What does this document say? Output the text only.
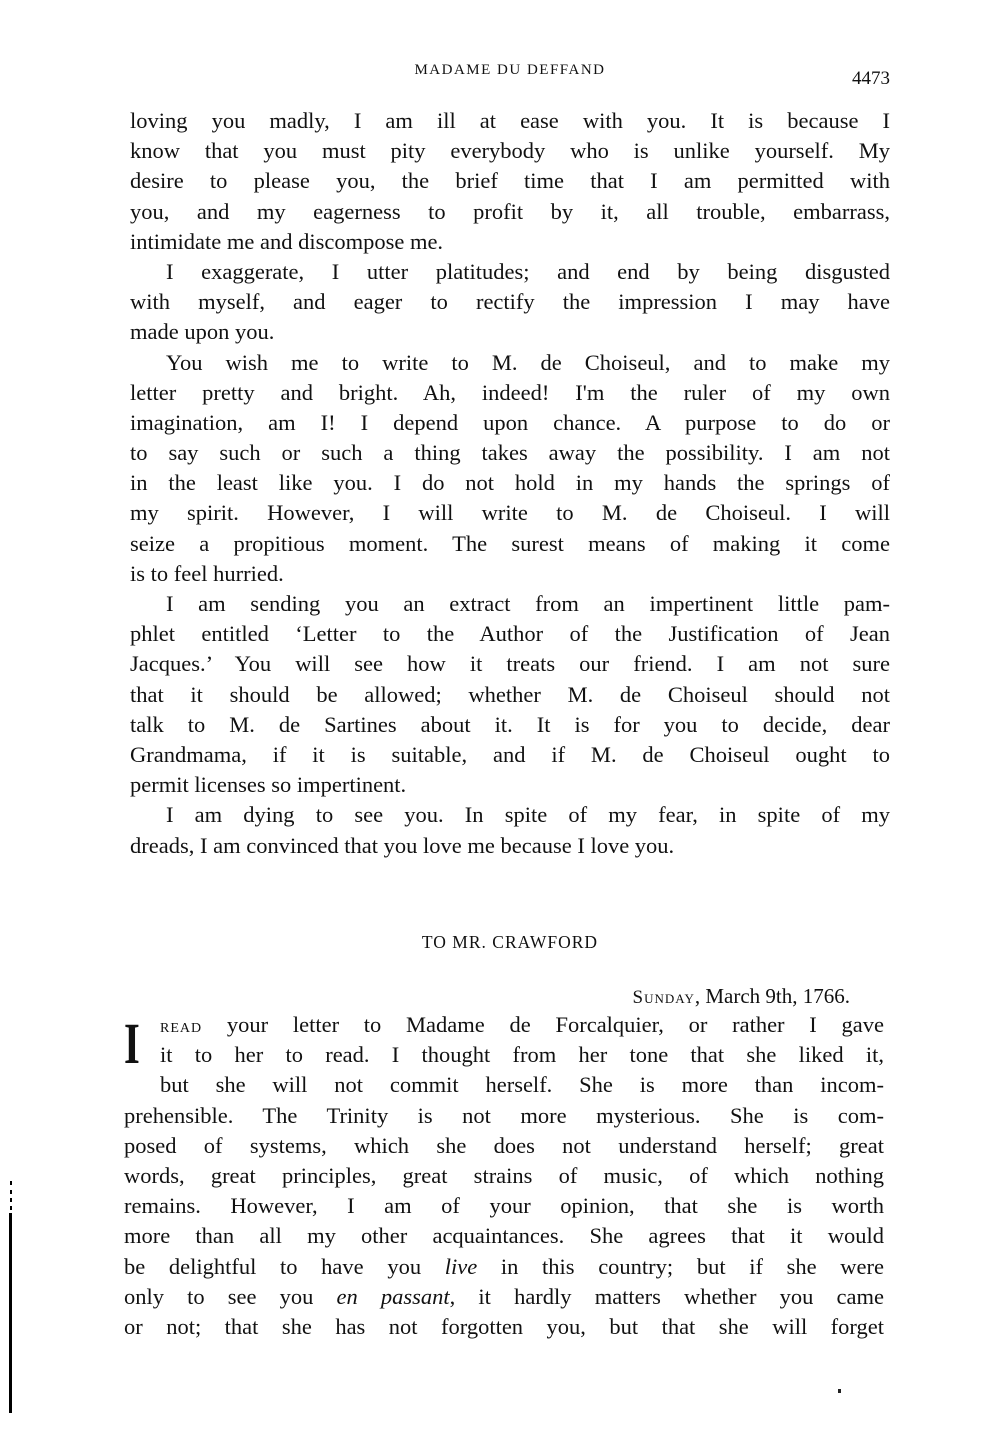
MADAME DU DEFFAND	4473
loving you madly, I am ill at ease with you. It is because I
know that you must pity everybody who is unlike yourself. My
desire to please you, the brief time that I am permitted with
you, and my eagerness to profit by it, all trouble, embarrass,
intimidate me and discompose me.
I exaggerate, I utter platitudes; and end by being disgusted
with myself, and eager to rectify the impression I may have
made upon you.
You wish me to write to M. de Choiseul, and to make my
letter pretty and bright. Ah, indeed! I'm the ruler of my own
imagination, am I! I depend upon chance. A purpose to do or
to say such or such a thing takes away the possibility. I am not
in the least like you. I do not hold in my hands the springs of
my spirit. However, I will write to M. de Choiseul. I will
seize a propitious moment. The surest means of making it come
is to feel hurried.
I am sending you an extract from an impertinent little pam-
phlet entitled ‘Letter to the Author of the Justification of Jean
Jacques.’ You will see how it treats our friend. I am not sure
that it should be allowed; whether M. de Choiseul should not
talk to M. de Sartines about it. It is for you to decide, dear
Grandmama, if it is suitable, and if M. de Choiseul ought to
permit licenses so impertinent.
I am dying to see you. In spite of my fear, in spite of my
dreads, I am convinced that you love me because I love you.
TO MR. CRAWFORD
Sunday, March 9th, 1766.
I	read your letter to Madame de Forcalquier, or rather I gave
it to her to read. I thought from her tone that she liked it,
but she will not commit herself. She is more than incom-
prehensible. The Trinity is not more mysterious. She is com-
posed of systems, which she does not understand herself; great
words, great principles, great strains of music, of which nothing
remains. However, I am of your opinion, that she is worth
more than all my other acquaintances. She agrees that it would
be delightful to have you live in this country; but if she were
only to see you en passant, it hardly matters whether you came
or not; that she has not forgotten you, but that she will forget
